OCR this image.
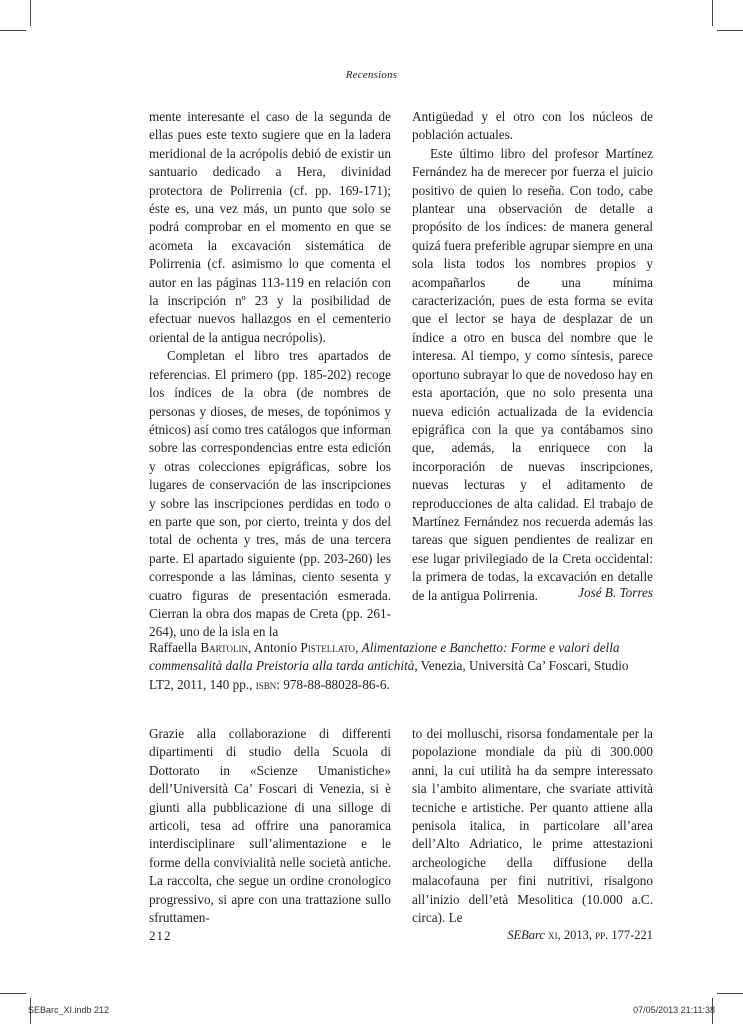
Recensions

mente interesante el caso de la segunda de ellas pues este texto sugiere que en la ladera meridional de la acrópolis debió de existir un santuario dedicado a Hera, divinidad protectora de Polirrenia (cf. pp. 169-171); éste es, una vez más, un punto que solo se podrá comprobar en el momento en que se acometa la excavación sistemática de Polirrenia (cf. asimismo lo que comenta el autor en las páginas 113-119 en relación con la inscripción nº 23 y la posibilidad de efectuar nuevos hallazgos en el cementerio oriental de la antigua necrópolis).

Completan el libro tres apartados de referencias. El primero (pp. 185-202) recoge los índices de la obra (de nombres de personas y dioses, de meses, de topónimos y étnicos) así como tres catálogos que informan sobre las correspondencias entre esta edición y otras colecciones epigráficas, sobre los lugares de conservación de las inscripciones y sobre las inscripciones perdidas en todo o en parte que son, por cierto, treinta y dos del total de ochenta y tres, más de una tercera parte. El apartado siguiente (pp. 203-260) les corresponde a las láminas, ciento sesenta y cuatro figuras de presentación esmerada. Cierran la obra dos mapas de Creta (pp. 261-264), uno de la isla en la

Antigüedad y el otro con los núcleos de población actuales.

Este último libro del profesor Martínez Fernández ha de merecer por fuerza el juicio positivo de quien lo reseña. Con todo, cabe plantear una observación de detalle a propósito de los índices: de manera general quizá fuera preferible agrupar siempre en una sola lista todos los nombres propios y acompañarlos de una mínima caracterización, pues de esta forma se evita que el lector se haya de desplazar de un índice a otro en busca del nombre que le interesa. Al tiempo, y como síntesis, parece oportuno subrayar lo que de novedoso hay en esta aportación, que no solo presenta una nueva edición actualizada de la evidencia epigráfica con la que ya contábamos sino que, además, la enriquece con la incorporación de nuevas inscripciones, nuevas lecturas y el aditamento de reproducciones de alta calidad. El trabajo de Martínez Fernández nos recuerda además las tareas que siguen pendientes de realizar en ese lugar privilegiado de la Creta occidental: la primera de todas, la excavación en detalle de la antigua Polirrenia.	José B. Torres
Raffaella Bartolin, Antonio Pistellato, Alimentazione e Banchetto: Forme e valori della commensalità dalla Preistoria alla tarda antichità, Venezia, Università Ca’ Foscari, Studio LT2, 2011, 140 pp., isbn: 978-88-88028-86-6.

Grazie alla collaborazione di differenti dipartimenti di studio della Scuola di Dottorato in «Scienze Umanistiche» dell’Università Ca’ Foscari di Venezia, si è giunti alla pubblicazione di una silloge di articoli, tesa ad offrire una panoramica interdisciplinare sull’alimentazione e le forme della convivialità nelle società antiche. La raccolta, che segue un ordine cronologico progressivo, si apre con una trattazione sullo sfruttamen-

to dei molluschi, risorsa fondamentale per la popolazione mondiale da più di 300.000 anni, la cui utilità ha da sempre interessato sia l’ambito alimentare, che svariate attività tecniche e artistiche. Per quanto attiene alla penisola italica, in particolare all’area dell’Alto Adriatico, le prime attestazioni archeologiche della diffusione della malacofauna per fini nutritivi, risalgono all’inizio dell’età Mesolitica (10.000 a.C. circa). Le

212	SEBarc xi, 2013, pp. 177-221
SEBarc_XI.indb 212	07/05/2013 21:11:38
